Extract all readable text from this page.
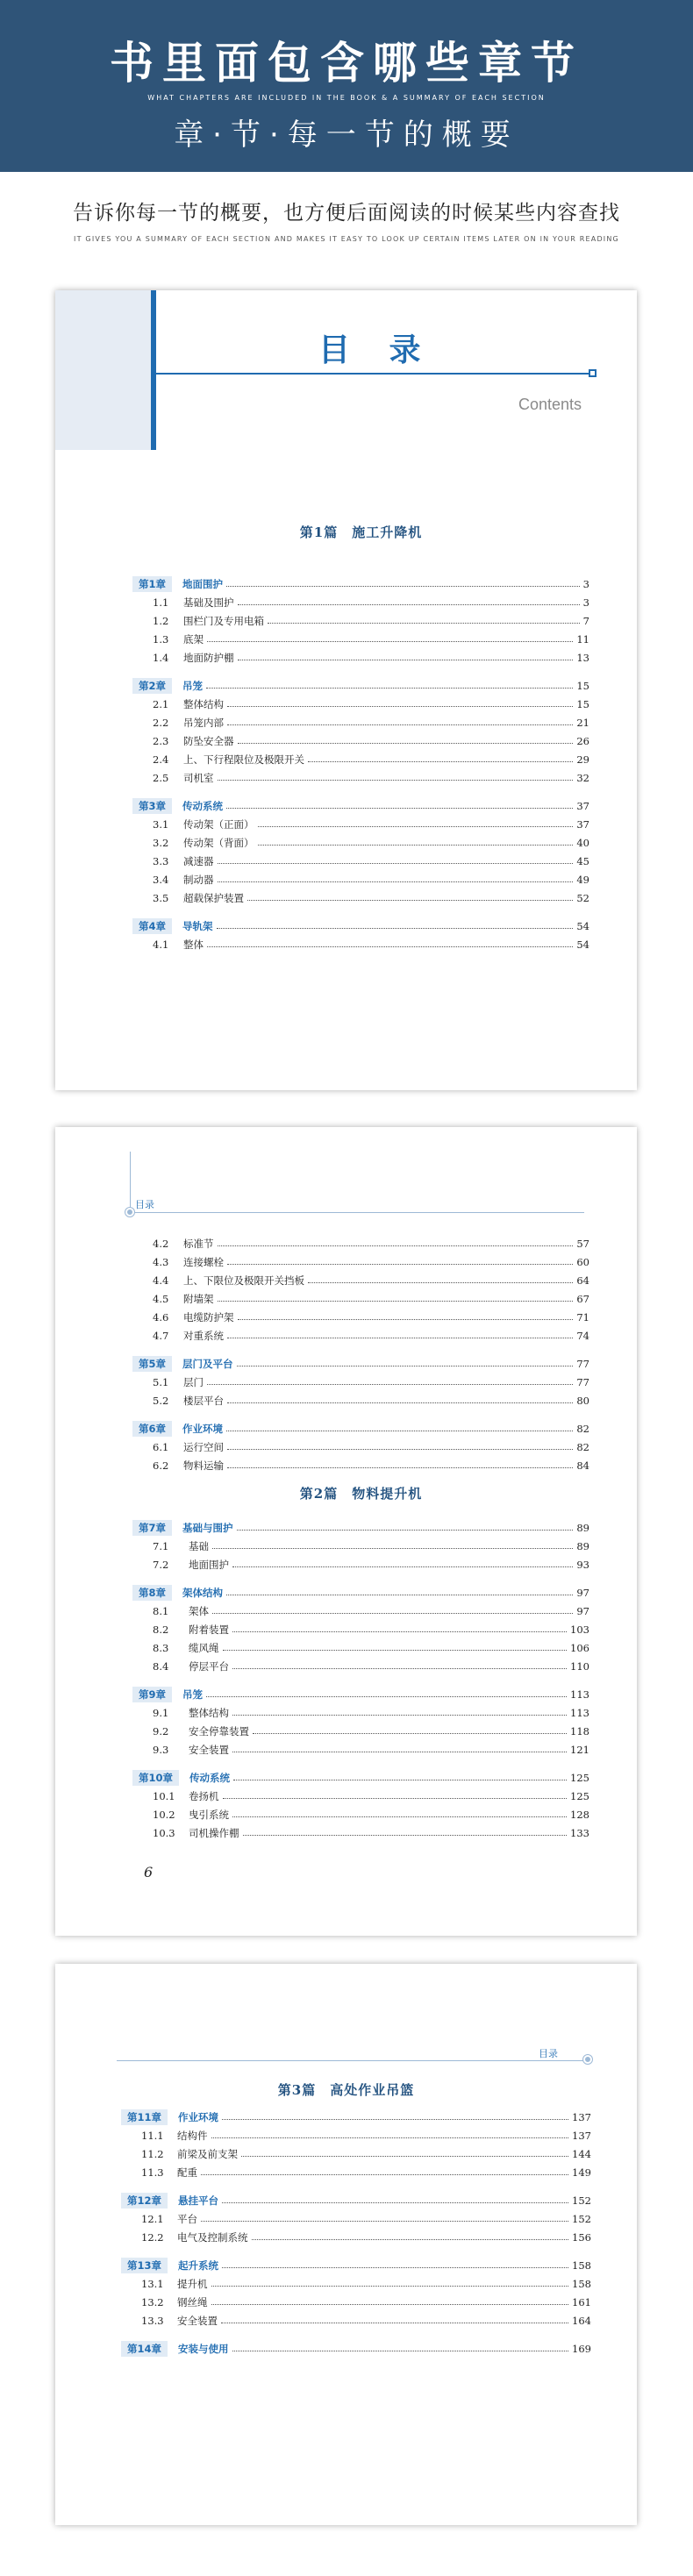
书里面包含哪些章节
WHAT CHAPTERS ARE INCLUDED IN THE BOOK & A SUMMARY OF EACH SECTION
章·节·每一节的概要
告诉你每一节的概要，也方便后面阅读的时候某些内容查找
IT GIVES YOU A SUMMARY OF EACH SECTION AND MAKES IT EASY TO LOOK UP CERTAIN ITEMS LATER ON IN YOUR READING
目 录
Contents
第1篇　施工升降机
第1章	地面围护	3
1.1	基础及围护	3
1.2	围栏门及专用电箱	7
1.3	底架	11
1.4	地面防护棚	13
第2章	吊笼	15
2.1	整体结构	15
2.2	吊笼内部	21
2.3	防坠安全器	26
2.4	上、下行程限位及极限开关	29
2.5	司机室	32
第3章	传动系统	37
3.1	传动架（正面）	37
3.2	传动架（背面）	40
3.3	减速器	45
3.4	制动器	49
3.5	超载保护装置	52
第4章	导轨架	54
4.1	整体	54
目录
4.2	标准节	57
4.3	连接螺栓	60
4.4	上、下限位及极限开关挡板	64
4.5	附墙架	67
4.6	电缆防护架	71
4.7	对重系统	74
第5章	层门及平台	77
5.1	层门	77
5.2	楼层平台	80
第6章	作业环境	82
6.1	运行空间	82
6.2	物料运输	84
第2篇　物料提升机
第7章	基础与围护	89
7.1	基础	89
7.2	地面围护	93
第8章	架体结构	97
8.1	架体	97
8.2	附着装置	103
8.3	缆风绳	106
8.4	停层平台	110
第9章	吊笼	113
9.1	整体结构	113
9.2	安全停靠装置	118
9.3	安全装置	121
第10章	传动系统	125
10.1	卷扬机	125
10.2	曳引系统	128
10.3	司机操作棚	133
6
目录
第3篇　高处作业吊篮
第11章	作业环境	137
11.1	结构件	137
11.2	前梁及前支架	144
11.3	配重	149
第12章	悬挂平台	152
12.1	平台	152
12.2	电气及控制系统	156
第13章	起升系统	158
13.1	提升机	158
13.2	钢丝绳	161
13.3	安全装置	164
第14章	安装与使用	169
